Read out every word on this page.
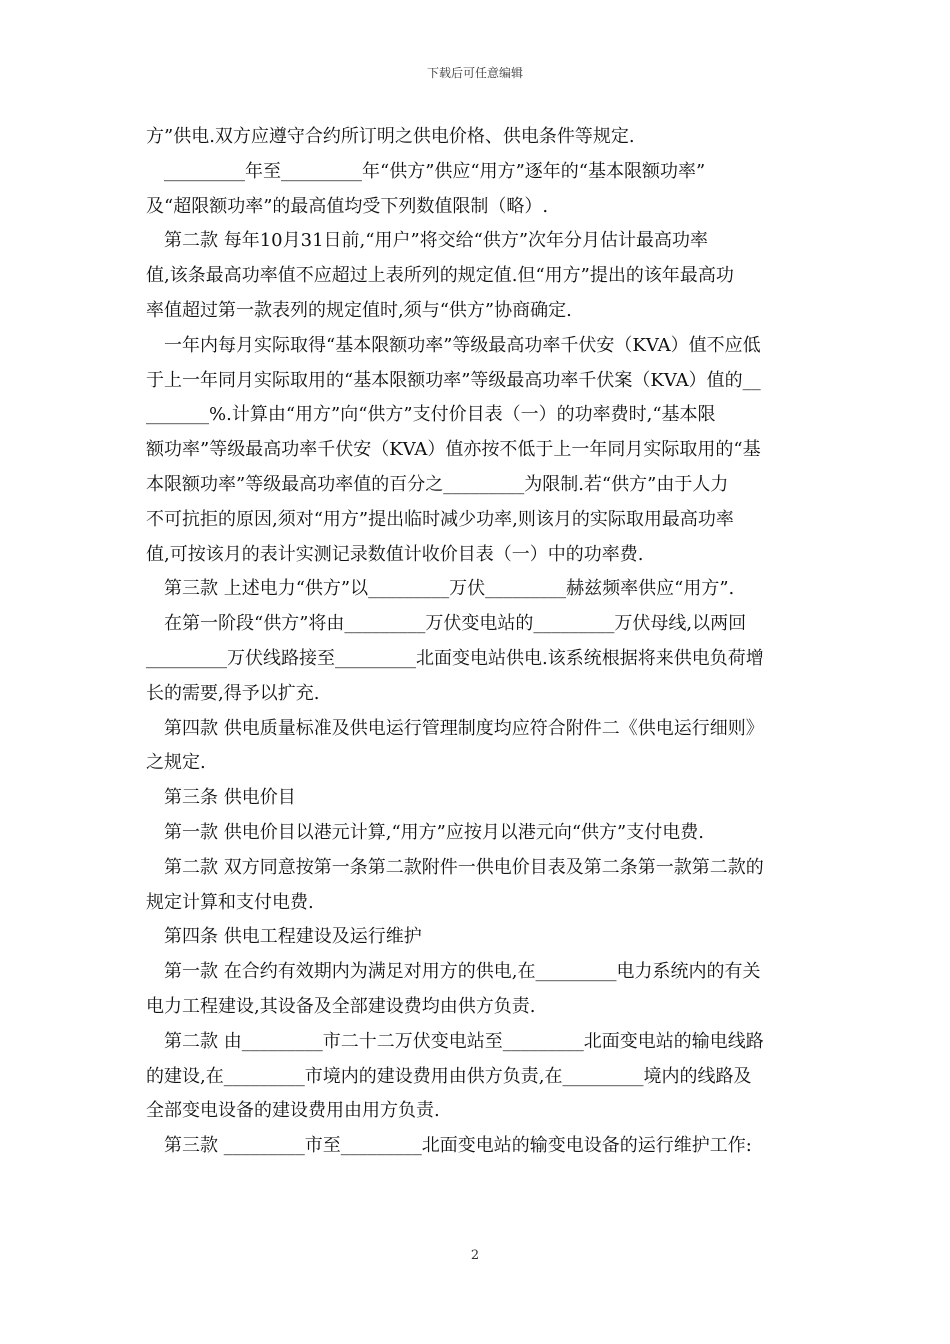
下载后可任意编辑

方”供电.双方应遵守合约所订明之供电价格、供电条件等规定.

_________年至_________年“供方”供应“用方”逐年的“基本限额功率”

及“超限额功率”的最高值均受下列数值限制（略）.

第二款 每年10月31日前,“用户”将交给“供方”次年分月估计最高功率

值,该条最高功率值不应超过上表所列的规定值.但“用方”提出的该年最高功

率值超过第一款表列的规定值时,须与“供方”协商确定.

一年内每月实际取得“基本限额功率”等级最高功率千伏安（KVA）值不应低

于上一年同月实际取用的“基本限额功率”等级最高功率千伏案（KVA）值的__

_______%.计算由“用方”向“供方”支付价目表（一）的功率费时,“基本限

额功率”等级最高功率千伏安（KVA）值亦按不低于上一年同月实际取用的“基

本限额功率”等级最高功率值的百分之_________为限制.若“供方”由于人力

不可抗拒的原因,须对“用方”提出临时减少功率,则该月的实际取用最高功率

值,可按该月的表计实测记录数值计收价目表（一）中的功率费.

第三款 上述电力“供方”以_________万伏_________赫兹频率供应“用方”.

在第一阶段“供方”将由_________万伏变电站的_________万伏母线,以两回

_________万伏线路接至_________北面变电站供电.该系统根据将来供电负荷增

长的需要,得予以扩充.

第四款 供电质量标准及供电运行管理制度均应符合附件二《供电运行细则》

之规定.

第三条 供电价目

第一款 供电价目以港元计算,“用方”应按月以港元向“供方”支付电费.

第二款 双方同意按第一条第二款附件一供电价目表及第二条第一款第二款的

规定计算和支付电费.

第四条 供电工程建设及运行维护

第一款 在合约有效期内为满足对用方的供电,在_________电力系统内的有关

电力工程建设,其设备及全部建设费均由供方负责.

第二款 由_________市二十二万伏变电站至_________北面变电站的输电线路

的建设,在_________市境内的建设费用由供方负责,在_________境内的线路及

全部变电设备的建设费用由用方负责.

第三款 _________市至_________北面变电站的输变电设备的运行维护工作:

2
